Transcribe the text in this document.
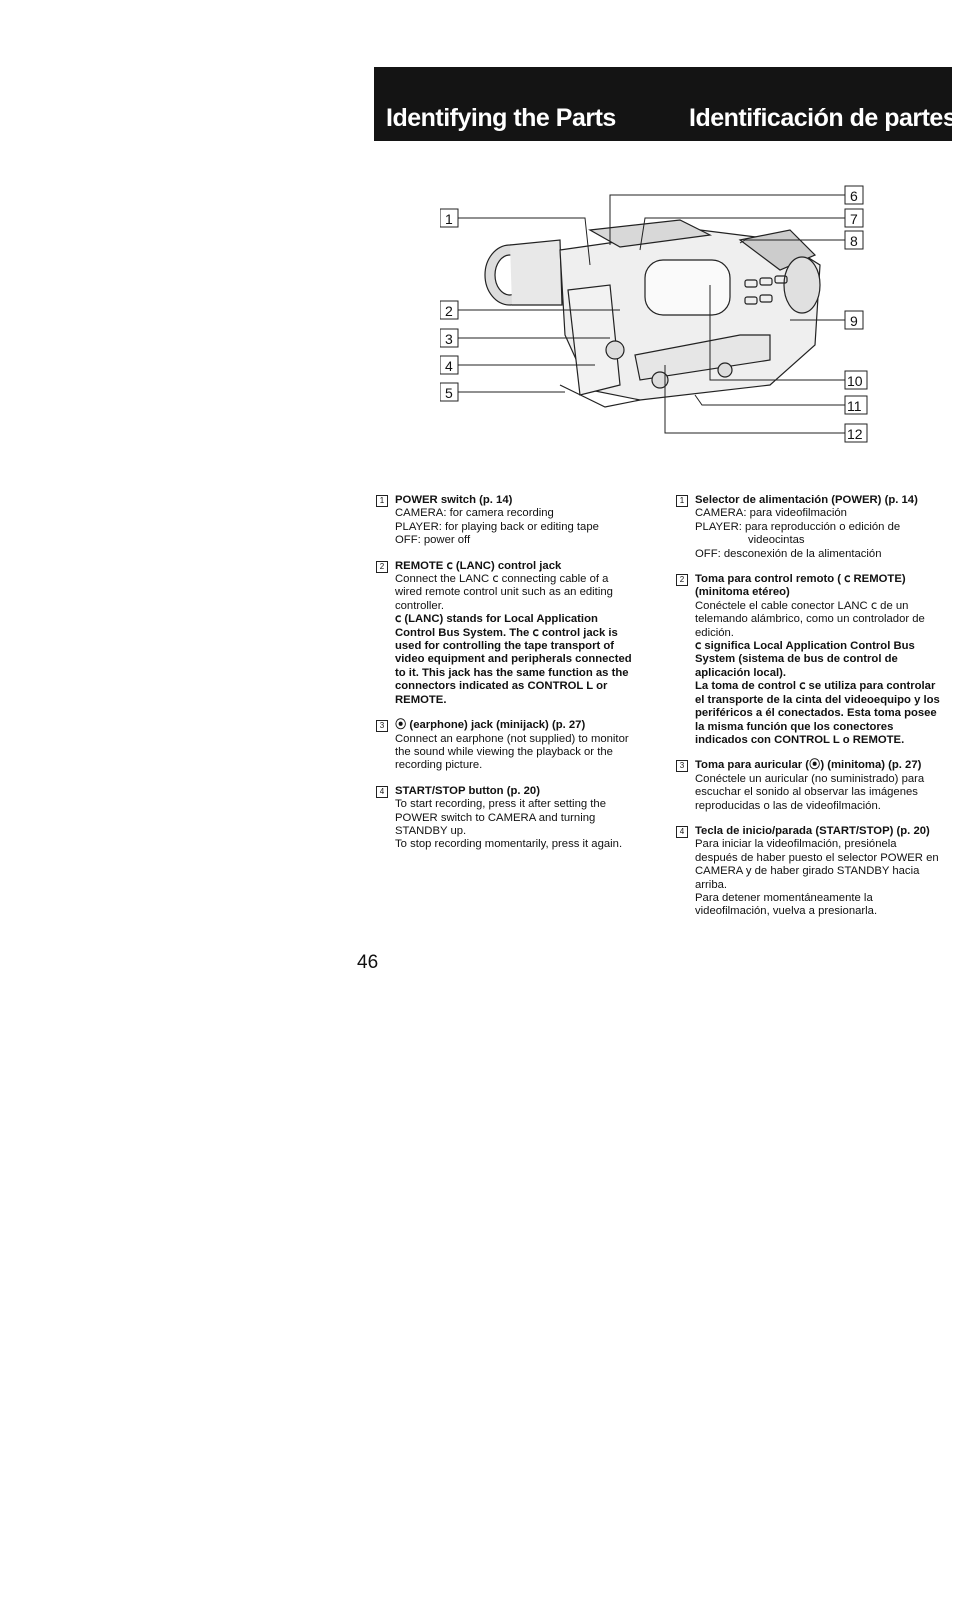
Identifying the Parts	Identificación de partes
1
2
3
4
5
6
7
8
9
10
11
12
1 POWER switch (p. 14)
CAMERA: for camera recording
PLAYER: for playing back or editing tape
OFF: power off
2 REMOTE ⅽ (LANC) control jack
Connect the LANC ⅽ connecting cable of a
wired remote control unit such as an editing
controller.
ⅽ (LANC) stands for Local Application
Control Bus System. The ⅽ control jack is
used for controlling the tape transport of
video equipment and peripherals connected
to it. This jack has the same function as the
connectors indicated as CONTROL L or
REMOTE.
3 ⦿ (earphone) jack (minijack) (p. 27)
Connect an earphone (not supplied) to monitor
the sound while viewing the playback or the
recording picture.
4 START/STOP button (p. 20)
To start recording, press it after setting the
POWER switch to CAMERA and turning
STANDBY up.
To stop recording momentarily, press it again.
1 Selector de alimentación (POWER) (p. 14)
CAMERA: para videofilmación
PLAYER: para reproducción o edición de
videocintas
OFF: desconexión de la alimentación
2 Toma para control remoto ( ⅽ REMOTE)
(minitoma etéreo)
Conéctele el cable conector LANC ⅽ de un
telemando alámbrico, como un controlador de
edición.
ⅽ significa Local Application Control Bus
System (sistema de bus de control de
aplicación local).
La toma de control ⅽ se utiliza para controlar
el transporte de la cinta del videoequipo y los
periféricos a él conectados. Esta toma posee
la misma función que los conectores
indicados con CONTROL L o REMOTE.
3 Toma para auricular (⦿) (minitoma) (p. 27)
Conéctele un auricular (no suministrado) para
escuchar el sonido al observar las imágenes
reproducidas o las de videofilmación.
4 Tecla de inicio/parada (START/STOP) (p. 20)
Para iniciar la videofilmación, presiónela
después de haber puesto el selector POWER en
CAMERA y de haber girado STANDBY hacia
arriba.
Para detener momentáneamente la
videofilmación, vuelva a presionarla.
46
